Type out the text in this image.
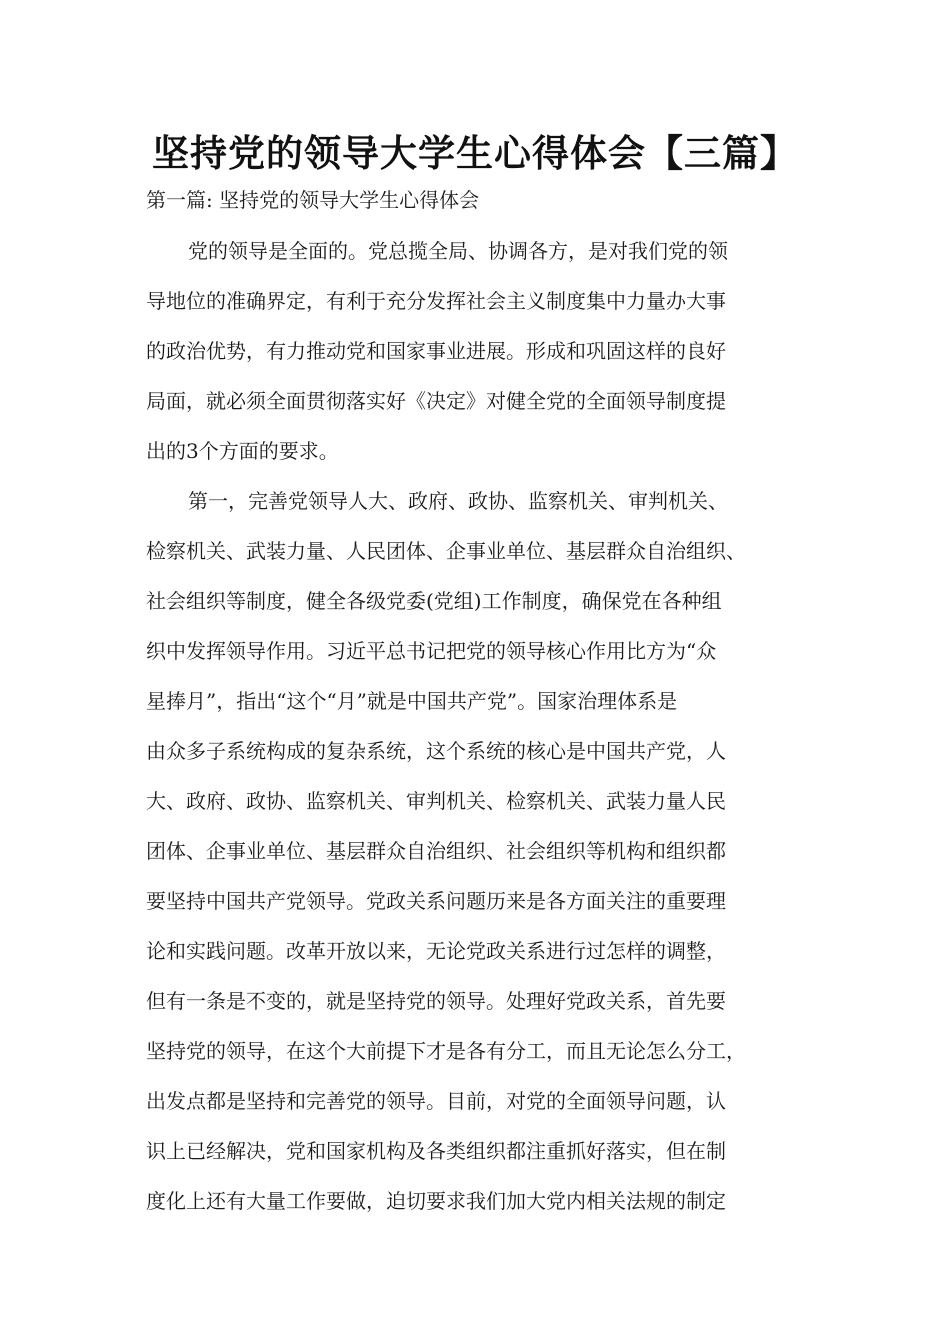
坚持党的领导大学生心得体会【三篇】

第一篇: 坚持党的领导大学生心得体会

党的领导是全面的。党总揽全局、协调各方，是对我们党的领
导地位的准确界定，有利于充分发挥社会主义制度集中力量办大事
的政治优势，有力推动党和国家事业进展。形成和巩固这样的良好
局面，就必须全面贯彻落实好《决定》对健全党的全面领导制度提
出的3个方面的要求。

第一，完善党领导人大、政府、政协、监察机关、审判机关、
检察机关、武装力量、人民团体、企事业单位、基层群众自治组织、
社会组织等制度，健全各级党委(党组)工作制度，确保党在各种组
织中发挥领导作用。习近平总书记把党的领导核心作用比方为“众
星捧月”，指出“这个“月”就是中国共产党”。国家治理体系是
由众多子系统构成的复杂系统，这个系统的核心是中国共产党，人
大、政府、政协、监察机关、审判机关、检察机关、武装力量人民
团体、企事业单位、基层群众自治组织、社会组织等机构和组织都
要坚持中国共产党领导。党政关系问题历来是各方面关注的重要理
论和实践问题。改革开放以来，无论党政关系进行过怎样的调整，
但有一条是不变的，就是坚持党的领导。处理好党政关系，首先要
坚持党的领导，在这个大前提下才是各有分工，而且无论怎么分工，
出发点都是坚持和完善党的领导。目前，对党的全面领导问题，认
识上已经解决，党和国家机构及各类组织都注重抓好落实，但在制
度化上还有大量工作要做，迫切要求我们加大党内相关法规的制定
